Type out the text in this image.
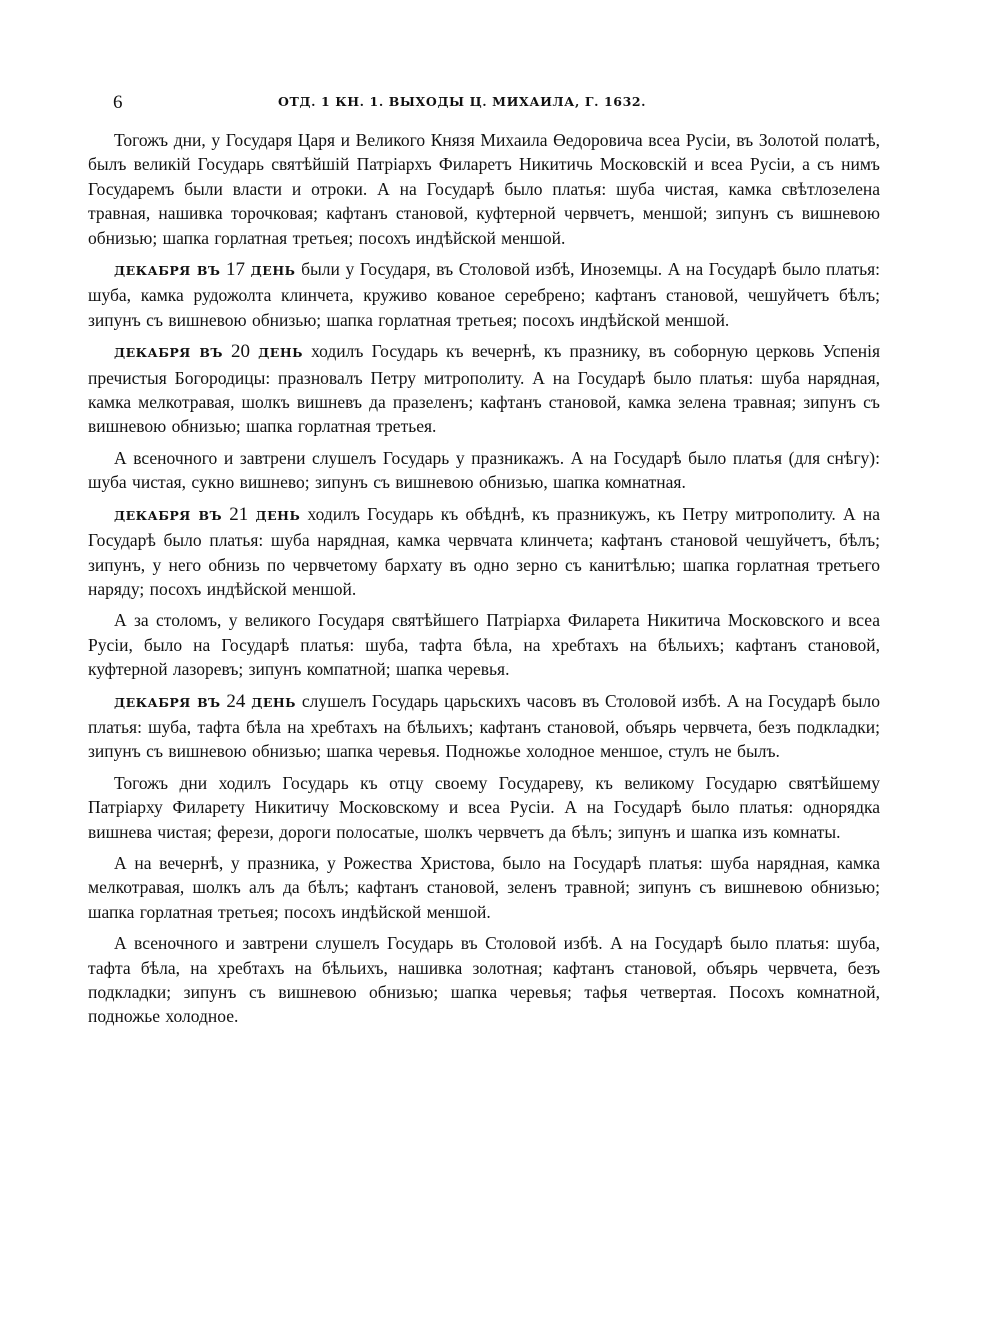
6	ОТД. 1 КН. 1. ВЫХОДЫ Ц. МИХАИЛА, Г. 1632.

Тогожъ дни, у Государя Царя и Великого Князя Михаила Өедоровича всеа Русіи, въ Золотой полатѣ, былъ великій Государь святѣйшій Патріархъ Филаретъ Никитичь Московскій и всеа Русіи, а съ нимъ Государемъ были власти и отроки. А на Государѣ было платья: шуба чистая, камка свѣтлозелена травная, нашивка торочковая; кафтанъ становой, куфтерной червчетъ, меншой; зипунъ съ вишневою обнизью; шапка горлатная третьея; посохъ индѣйской меншой.

ДЕКАБРЯ ВЪ 17 ДЕНЬ были у Государя, въ Столовой избѣ, Иноземцы. А на Государѣ было платья: шуба, камка рудожолта клинчета, круживо кованое серебрено; кафтанъ становой, чешуйчетъ бѣлъ; зипунъ съ вишневою обнизью; шапка горлатная третьея; посохъ индѣйской меншой.

ДЕКАБРЯ ВЪ 20 ДЕНЬ ходилъ Государь къ вечернѣ, къ празнику, въ соборную церковь Успенія пречистыя Богородицы: празновалъ Петру митрополиту. А на Государѣ было платья: шуба нарядная, камка мелкотравая, шолкъ вишневъ да празеленъ; кафтанъ становой, камка зелена травная; зипунъ съ вишневою обнизью; шапка горлатная третьея.

А всеночного и завтрени слушелъ Государь у празникажъ. А на Государѣ было платья (для снѣгу): шуба чистая, сукно вишнево; зипунъ съ вишневою обнизью, шапка комнатная.

ДЕКАБРЯ ВЪ 21 ДЕНЬ ходилъ Государь къ обѣднѣ, къ празникужъ, къ Петру митрополиту. А на Государѣ было платья: шуба нарядная, камка червчата клинчета; кафтанъ становой чешуйчетъ, бѣлъ; зипунъ, у него обнизь по червчетому бархату въ одно зерно съ канитѣлью; шапка горлатная третьего наряду; посохъ индѣйской меншой.

А за столомъ, у великого Государя святѣйшего Патріарха Филарета Никитича Московского и всеа Русіи, было на Государѣ платья: шуба, тафта бѣла, на хребтахъ на бѣльихъ; кафтанъ становой, куфтерной лазоревъ; зипунъ компатной; шапка черевья.

ДЕКАБРЯ ВЪ 24 ДЕНЬ слушелъ Государь царьскихъ часовъ въ Столовой избѣ. А на Государѣ было платья: шуба, тафта бѣла на хребтахъ на бѣльихъ; кафтанъ становой, объярь червчета, безъ подкладки; зипунъ съ вишневою обнизью; шапка черевья. Подножье холодное меншое, стулъ не былъ.

Тогожъ дни ходилъ Государь къ отцу своему Государеву, къ великому Государю святѣйшему Патріарху Филарету Никитичу Московскому и всеа Русіи. А на Государѣ было платья: однорядка вишнева чистая; ферези, дороги полосатые, шолкъ червчетъ да бѣлъ; зипунъ и шапка изъ комнаты.

А на вечернѣ, у празника, у Рожества Христова, было на Государѣ платья: шуба нарядная, камка мелкотравая, шолкъ алъ да бѣлъ; кафтанъ становой, зеленъ травной; зипунъ съ вишневою обнизью; шапка горлатная третьея; посохъ индѣйской меншой.

А всеночного и завтрени слушелъ Государь въ Столовой избѣ. А на Государѣ было платья: шуба, тафта бѣла, на хребтахъ на бѣльихъ, нашивка золотная; кафтанъ становой, объярь червчета, безъ подкладки; зипунъ съ вишневою обнизью; шапка черевья; тафья четвертая. Посохъ комнатной, подножье холодное.
